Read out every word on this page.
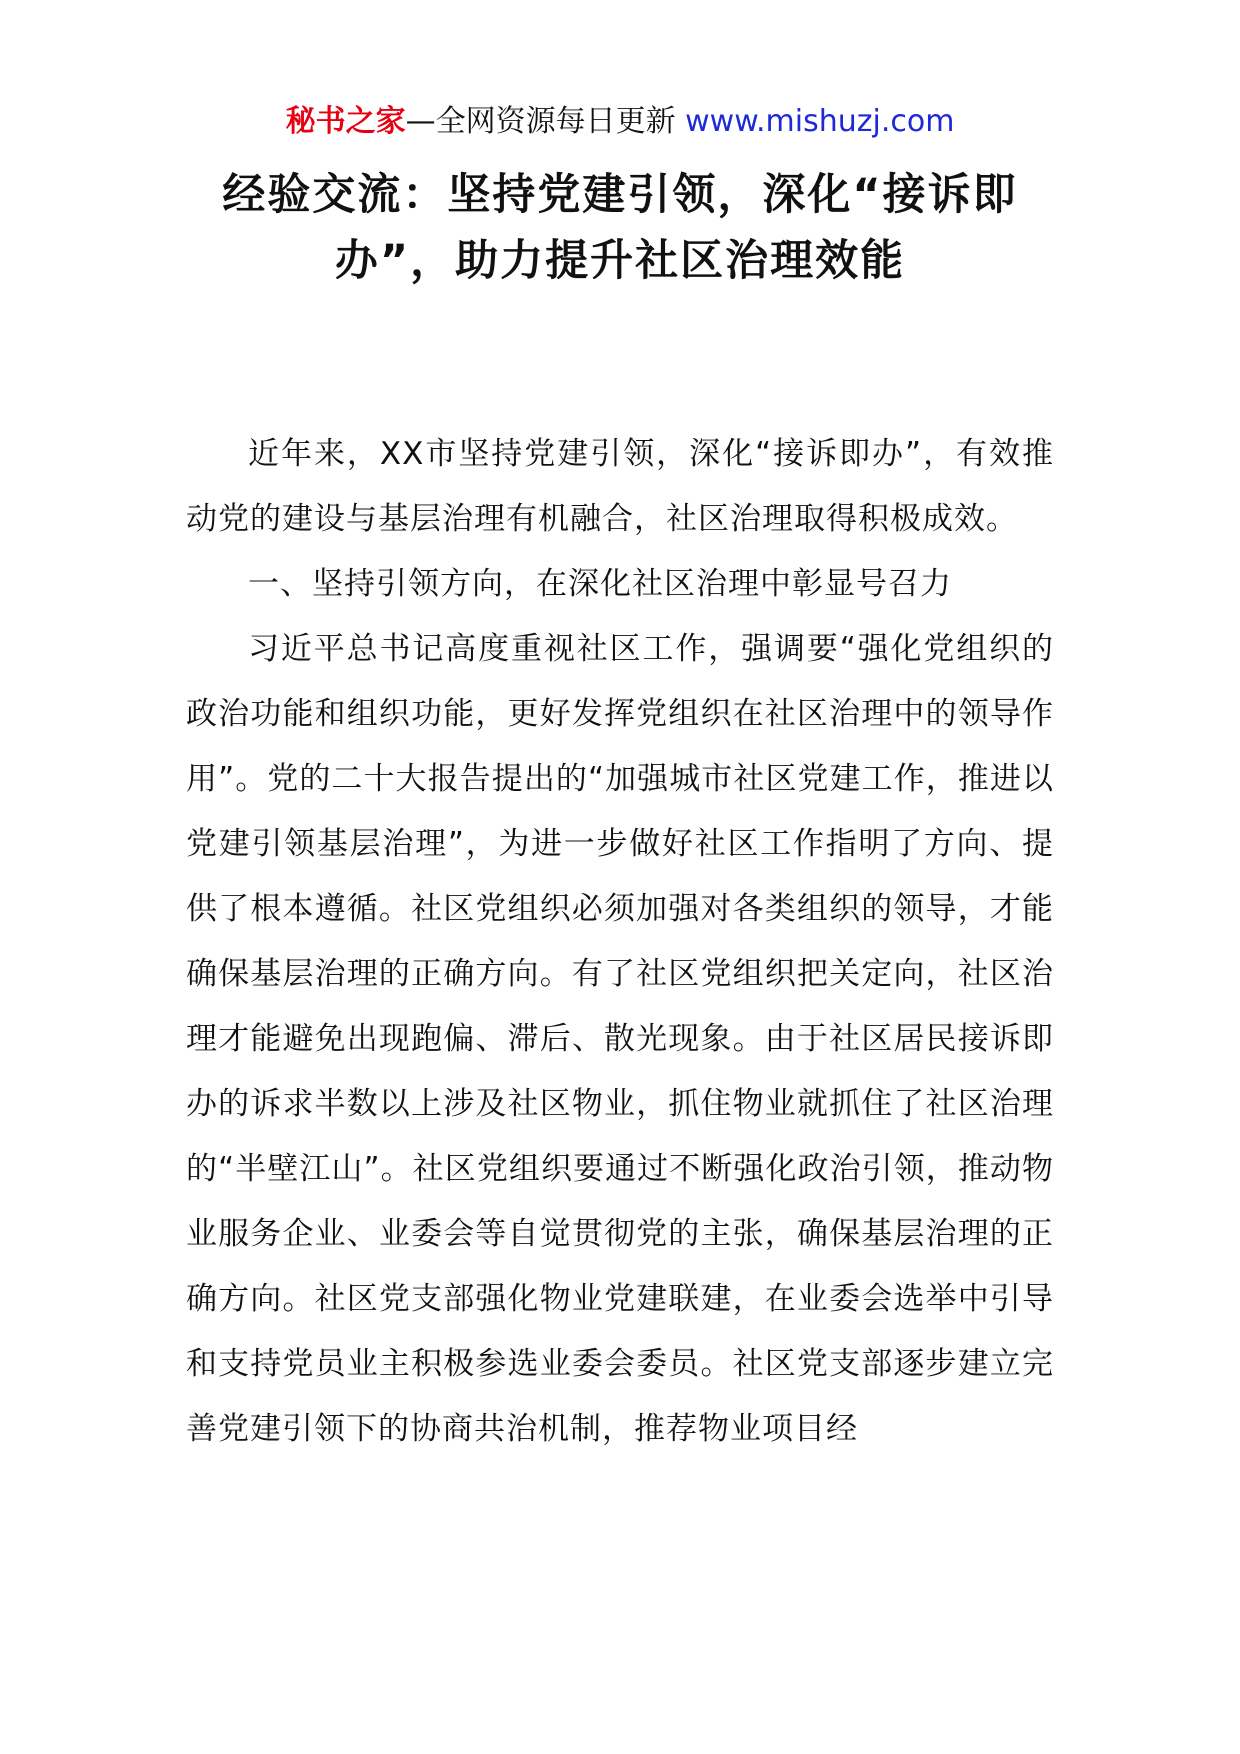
秘书之家—全网资源每日更新 www.mishuzj.com
经验交流：坚持党建引领，深化“接诉即
办”，助力提升社区治理效能

近年来，XX市坚持党建引领，深化“接诉即办”，有效推动党的建设与基层治理有机融合，社区治理取得积极成效。

一、坚持引领方向，在深化社区治理中彰显号召力

习近平总书记高度重视社区工作，强调要“强化党组织的政治功能和组织功能，更好发挥党组织在社区治理中的领导作用”。党的二十大报告提出的“加强城市社区党建工作，推进以党建引领基层治理”，为进一步做好社区工作指明了方向、提供了根本遵循。社区党组织必须加强对各类组织的领导，才能确保基层治理的正确方向。有了社区党组织把关定向，社区治理才能避免出现跑偏、滞后、散光现象。由于社区居民接诉即办的诉求半数以上涉及社区物业，抓住物业就抓住了社区治理的“半壁江山”。社区党组织要通过不断强化政治引领，推动物业服务企业、业委会等自觉贯彻党的主张，确保基层治理的正确方向。社区党支部强化物业党建联建，在业委会选举中引导和支持党员业主积极参选业委会委员。社区党支部逐步建立完善党建引领下的协商共治机制，推荐物业项目经
